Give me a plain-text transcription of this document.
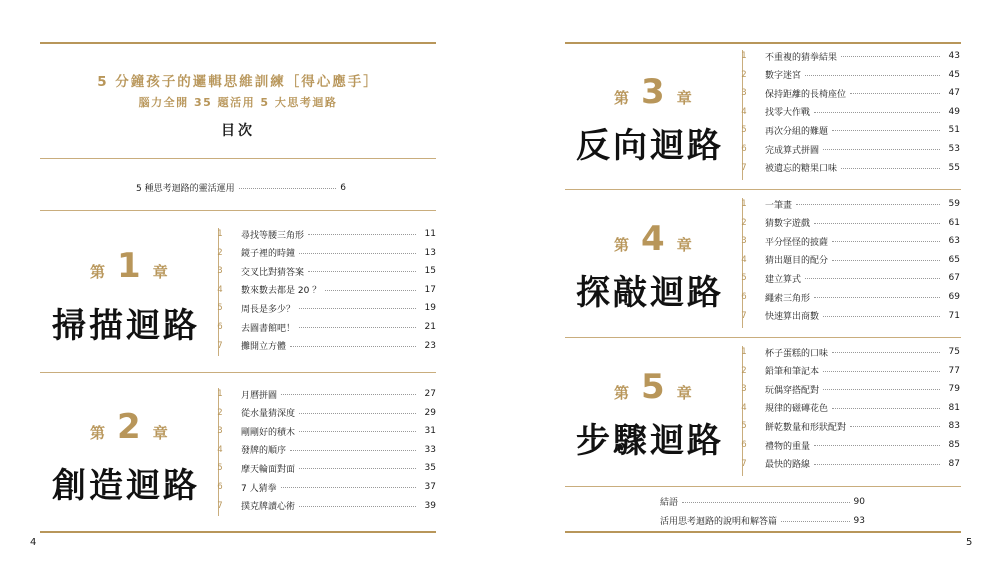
5 分鐘孩子的邏輯思維訓練［得心應手］
腦力全開 35 題活用 5 大思考迴路
目次
5 種思考迴路的靈活運用	6
第 1 章
掃描迴路
1	尋找等腰三角形	11
2	鏡子裡的時鐘	13
3	交叉比對猜答案	15
4	數來數去都是 20 ？	17
5	周長是多少？	19
6	去圖書館吧！	21
7	攤開立方體	23
第 2 章
創造迴路
1	月曆拼圖	27
2	從水量猜深度	29
3	剛剛好的積木	31
4	發牌的順序	33
5	摩天輪面對面	35
6	7 人猜拳	37
7	撲克牌讀心術	39
4
第 3 章
反向迴路
1	不重複的猜拳結果	43
2	數字迷宮	45
3	保持距離的長椅座位	47
4	找零大作戰	49
5	再次分組的難題	51
6	完成算式拼圖	53
7	被遺忘的糖果口味	55
第 4 章
探敲迴路
1	一筆畫	59
2	猜數字遊戲	61
3	平分怪怪的披薩	63
4	猜出題目的配分	65
5	建立算式	67
6	繩索三角形	69
7	快速算出商數	71
第 5 章
步驟迴路
1	杯子蛋糕的口味	75
2	鉛筆和筆記本	77
3	玩偶穿搭配對	79
4	規律的磁磚花色	81
5	餅乾數量和形狀配對	83
6	禮物的重量	85
7	最快的路線	87
結語	90
活用思考迴路的說明和解答篇	93
5
